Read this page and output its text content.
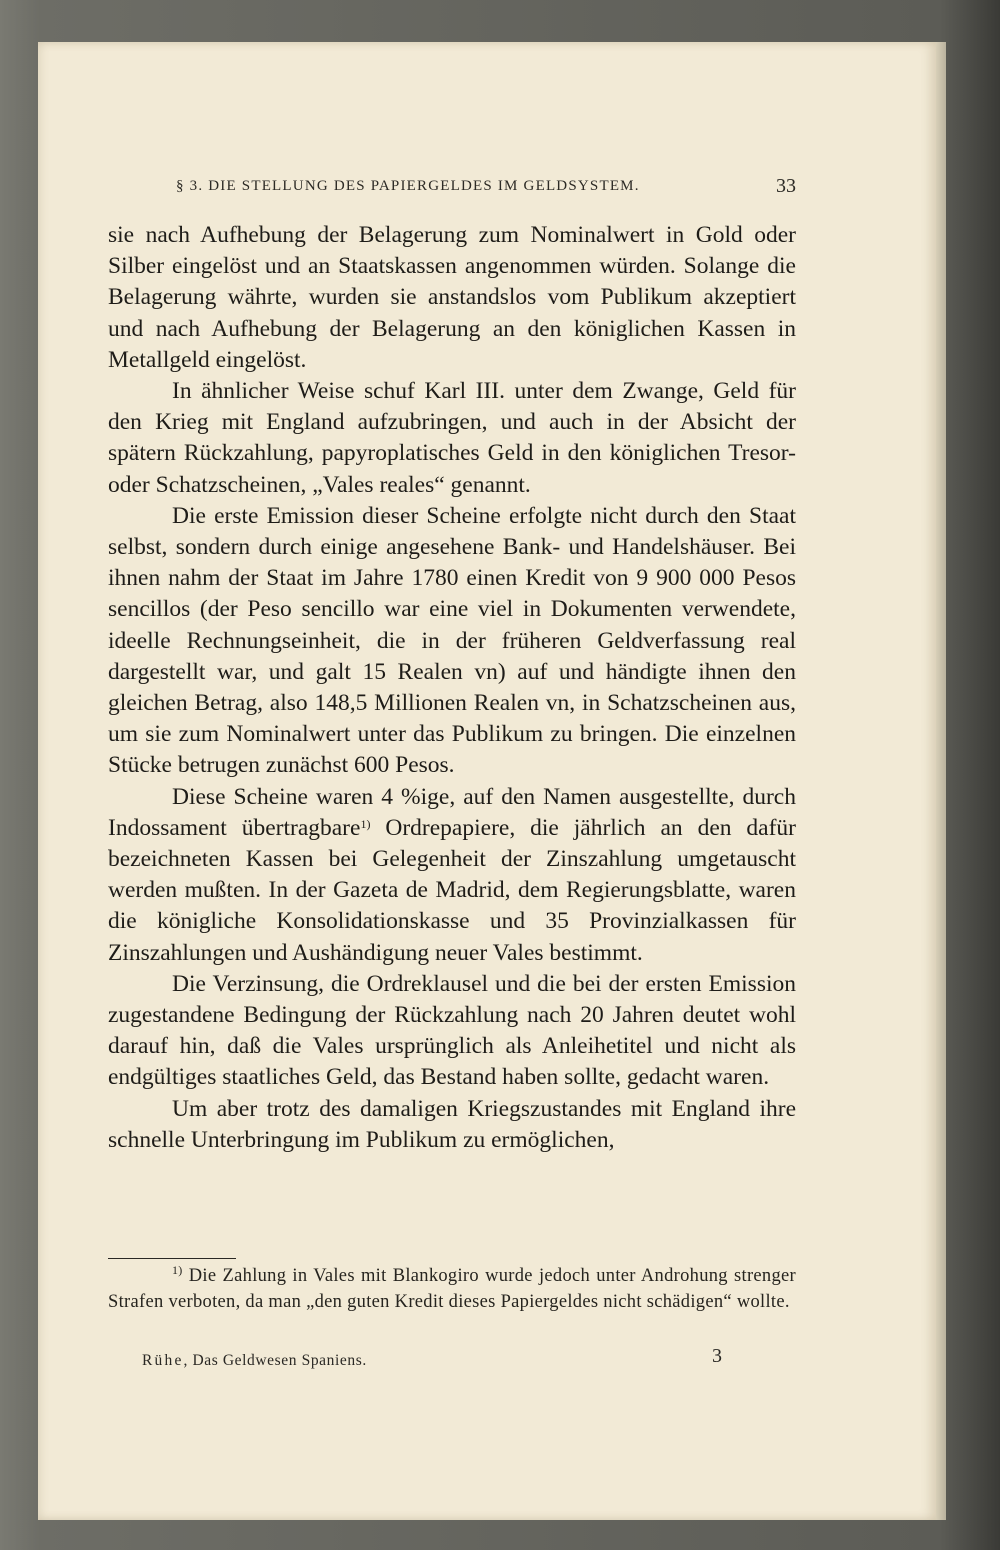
§ 3. DIE STELLUNG DES PAPIERGELDES IM GELDSYSTEM.	33

sie nach Aufhebung der Belagerung zum Nominalwert in Gold oder Silber eingelöst und an Staatskassen angenommen würden. Solange die Belagerung währte, wurden sie anstandslos vom Publikum akzeptiert und nach Aufhebung der Belagerung an den königlichen Kassen in Metallgeld eingelöst.

In ähnlicher Weise schuf Karl III. unter dem Zwange, Geld für den Krieg mit England aufzubringen, und auch in der Absicht der spätern Rückzahlung, papyroplatisches Geld in den königlichen Tresor- oder Schatzscheinen, „Vales reales“ genannt.

Die erste Emission dieser Scheine erfolgte nicht durch den Staat selbst, sondern durch einige angesehene Bank- und Handelshäuser. Bei ihnen nahm der Staat im Jahre 1780 einen Kredit von 9 900 000 Pesos sencillos (der Peso sencillo war eine viel in Dokumenten verwendete, ideelle Rechnungseinheit, die in der früheren Geldverfassung real dargestellt war, und galt 15 Realen vn) auf und händigte ihnen den gleichen Betrag, also 148,5 Millionen Realen vn, in Schatzscheinen aus, um sie zum Nominalwert unter das Publikum zu bringen. Die einzelnen Stücke betrugen zunächst 600 Pesos.

Diese Scheine waren 4 %ige, auf den Namen ausgestellte, durch Indossament übertragbare$^{1)}$ Ordrepapiere, die jährlich an den dafür bezeichneten Kassen bei Gelegenheit der Zinszahlung umgetauscht werden mußten. In der Gazeta de Madrid, dem Regierungsblatte, waren die königliche Konsolidationskasse und 35 Provinzialkassen für Zinszahlungen und Aushändigung neuer Vales bestimmt.

Die Verzinsung, die Ordreklausel und die bei der ersten Emission zugestandene Bedingung der Rückzahlung nach 20 Jahren deutet wohl darauf hin, daß die Vales ursprünglich als Anleihetitel und nicht als endgültiges staatliches Geld, das Bestand haben sollte, gedacht waren.

Um aber trotz des damaligen Kriegszustandes mit England ihre schnelle Unterbringung im Publikum zu ermöglichen,

$^{1)}$ Die Zahlung in Vales mit Blankogiro wurde jedoch unter Androhung strenger Strafen verboten, da man „den guten Kredit dieses Papiergeldes nicht schädigen“ wollte.

Rühe, Das Geldwesen Spaniens.	3
